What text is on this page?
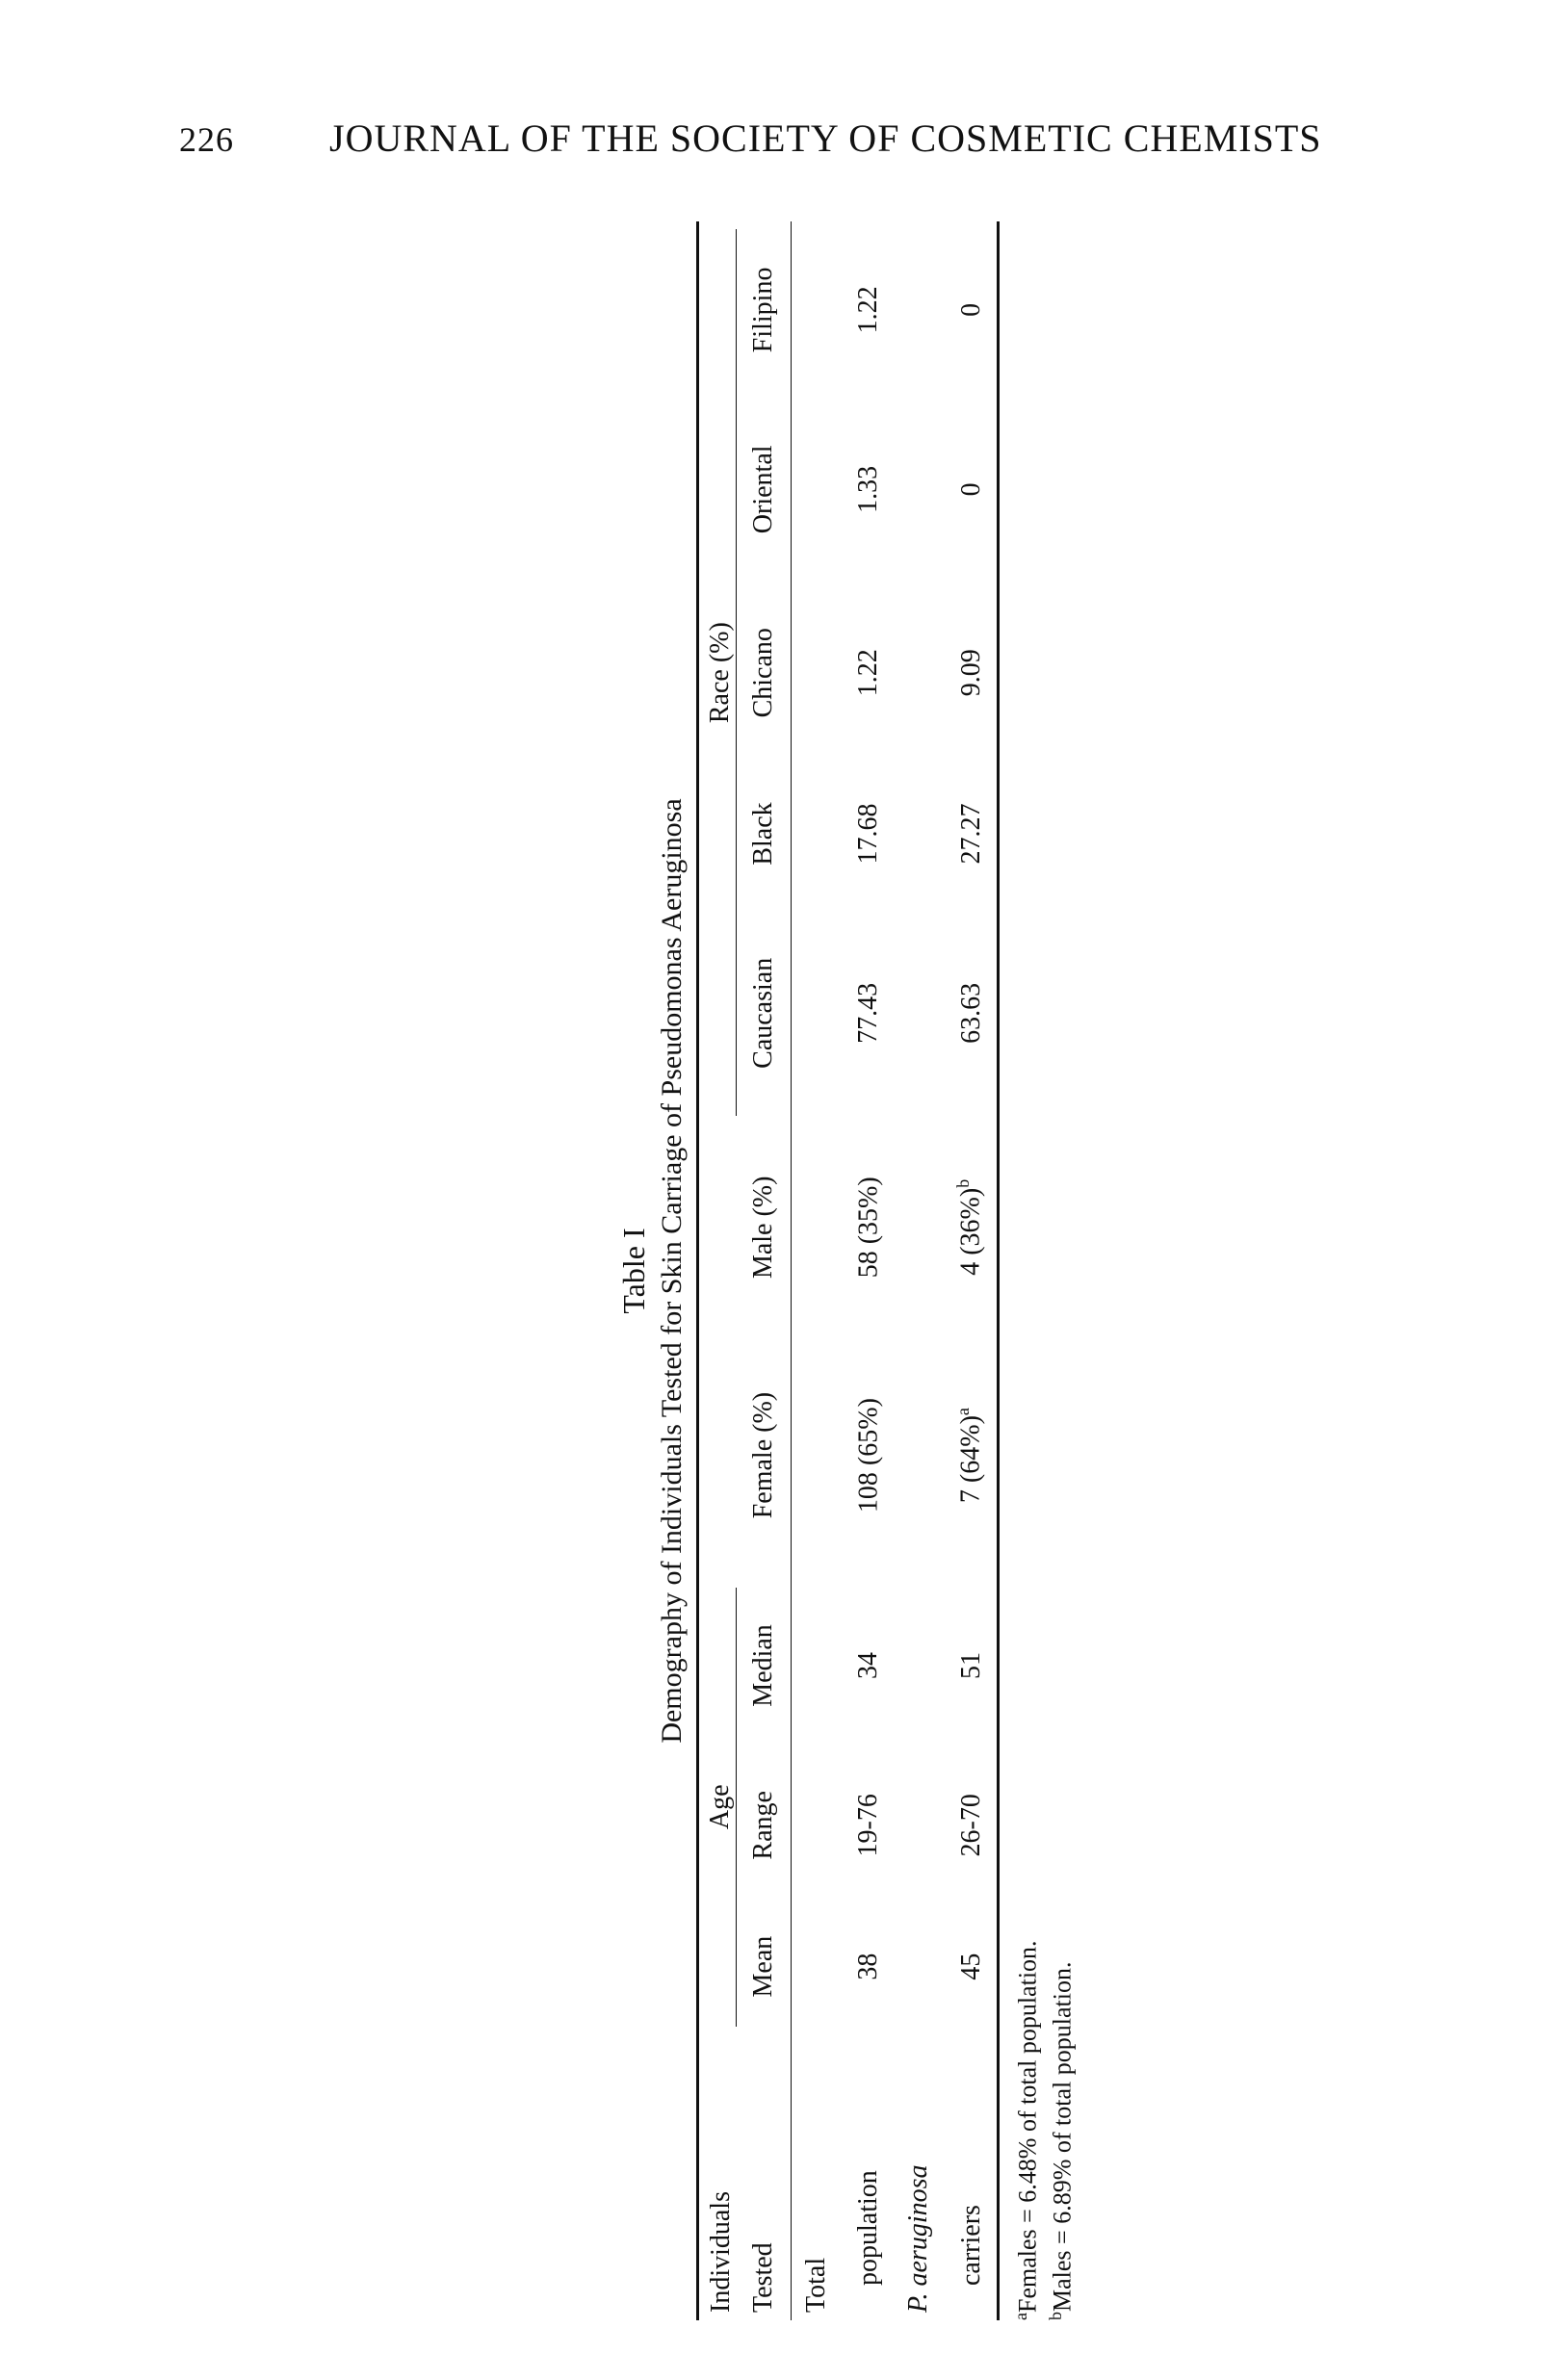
226 JOURNAL OF THE SOCIETY OF COSMETIC CHEMISTS
Table I Demography of Individuals Tested for Skin Carriage of Pseudomonas Aeruginosa
Individuals	Age					Race (%)				

Tested	Mean	Range	Median	Female (%)	Male (%)	Caucasian	Black	Chicano	Oriental	Filipino

Total										
population	38	19-76	34	108 (65%)	58 (35%)	77.43	17.68	1.22	1.33	1.22
P. aeruginosa										
carriers	45	26-70	51	7 $(64\%)^a$	4 $(36\%)^b$	63.63	27.27	9.09	0	0
$^a$Females = 6.48% of total population.
$^b$Males = 6.89% of total population.
